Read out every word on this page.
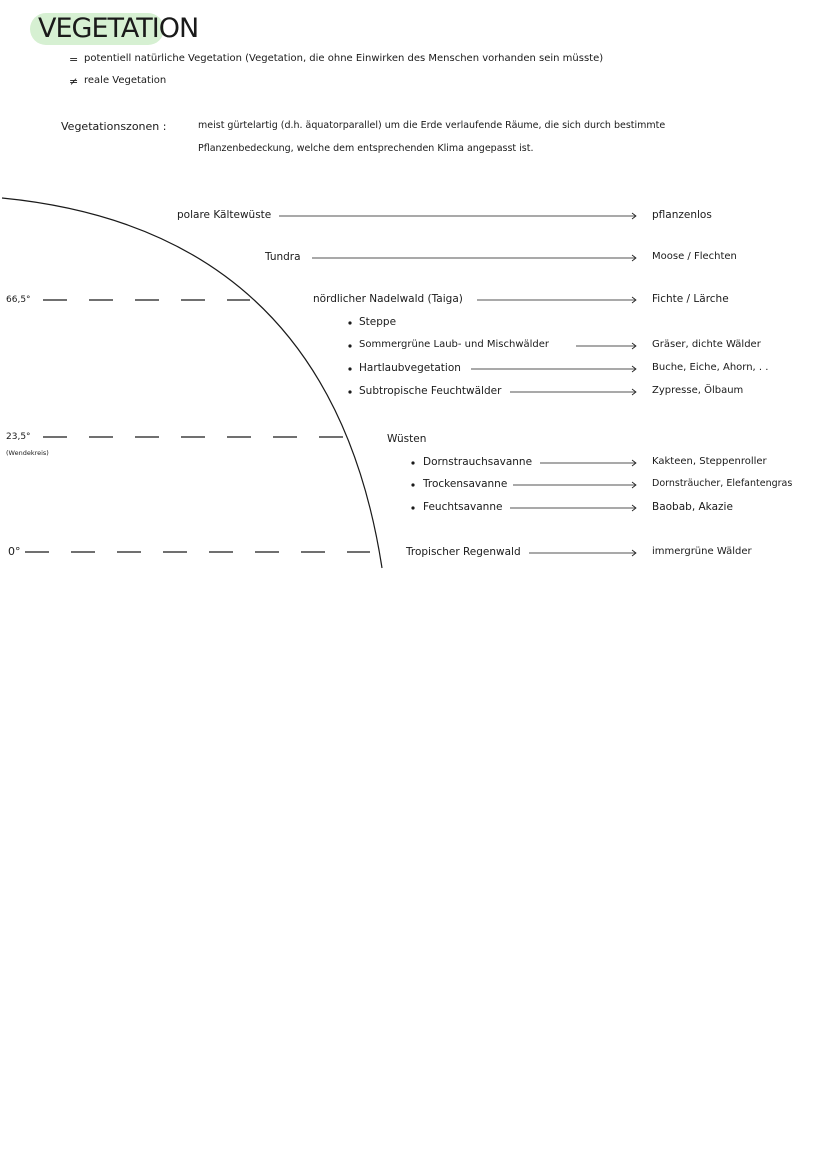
VEGETATION
= potentiell natürliche Vegetation (Vegetation, die ohne Einwirken des Menschen vorhanden sein müsste)
≠ reale Vegetation
Vegetationszonen :	meist gürtelartig (d.h. äquatorparallel) um die Erde verlaufende Räume, die sich durch bestimmte
Pflanzenbedeckung, welche dem entsprechenden Klima angepasst ist.
66,5°
23,5°
(Wendekreis)
0°
polare Kältewüste
Tundra
nördlicher Nadelwald (Taiga)
Steppe
Sommergrüne Laub- und Mischwälder
Hartlaubvegetation
Subtropische Feuchtwälder
Wüsten
Dornstrauchsavanne
Trockensavanne
Feuchtsavanne
Tropischer Regenwald
pflanzenlos
Moose / Flechten
Fichte / Lärche
Gräser, dichte Wälder
Buche, Eiche, Ahorn, . .
Zypresse, Ölbaum
Kakteen, Steppenroller
Dornsträucher, Elefantengras
Baobab, Akazie
immergrüne Wälder
